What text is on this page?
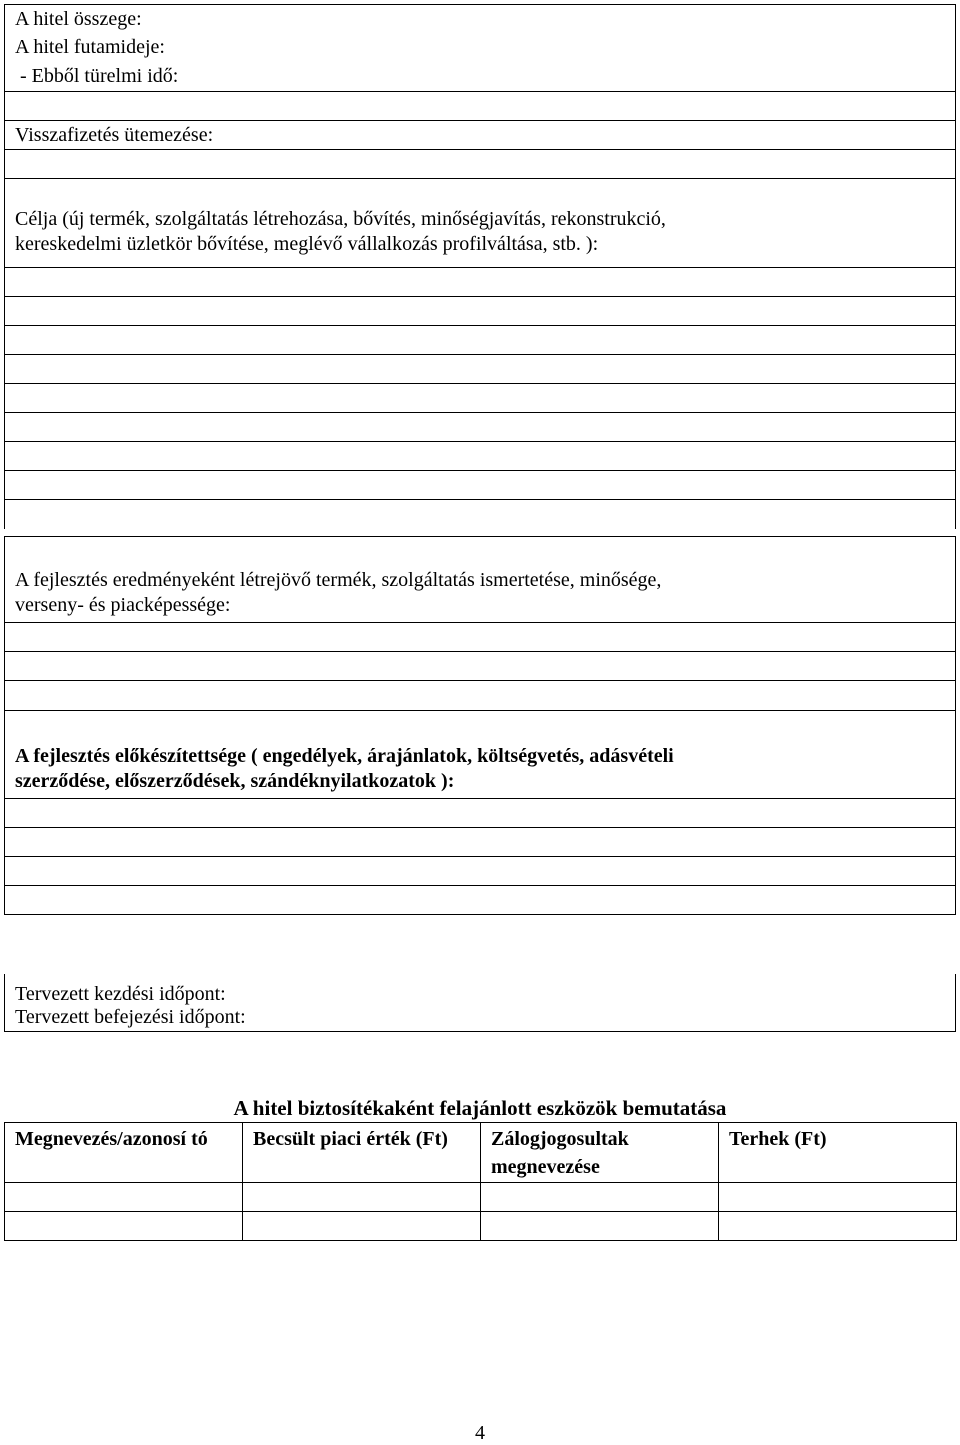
A hitel összege:
A hitel futamideje:
- Ebből türelmi idő:
Visszafizetés ütemezése:
Célja (új termék, szolgáltatás létrehozása, bővítés, minőségjavítás, rekonstrukció,
kereskedelmi üzletkör bővítése, meglévő vállalkozás profilváltása, stb. ):
A fejlesztés eredményeként létrejövő termék, szolgáltatás ismertetése, minősége,
verseny- és piacképessége:
A fejlesztés előkészítettsége ( engedélyek, árajánlatok, költségvetés, adásvételi
szerződése, előszerződések, szándéknyilatkozatok ):
Tervezett kezdési időpont:
Tervezett befejezési időpont:
A hitel biztosítékaként felajánlott eszközök bemutatása
Megnevezés/azonosí tó	Becsült piaci érték (Ft)	Zálogjogosultak megnevezése	Terhek (Ft)

4
